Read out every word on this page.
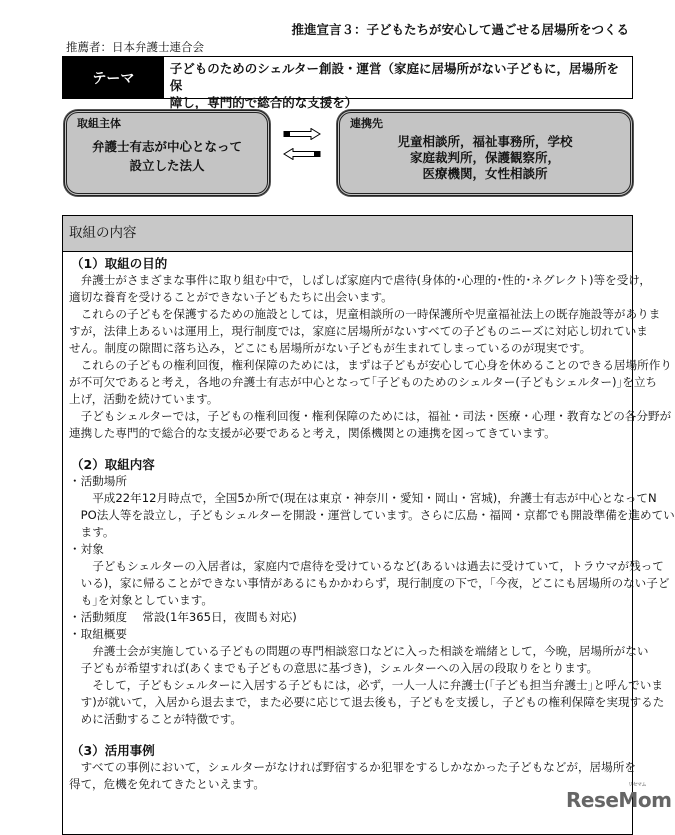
推進宣言３：子どもたちが安心して過ごせる居場所をつくる
推薦者：日本弁護士連合会
テーマ
子どものためのシェルター創設・運営（家庭に居場所がない子どもに，居場所を保
障し，専門的で総合的な支援を）
取組主体
弁護士有志が中心となって
設立した法人
連携先
児童相談所，福祉事務所，学校
家庭裁判所，保護観察所，
医療機関，女性相談所
取組の内容
（1）取組の目的
　弁護士がさまざまな事件に取り組む中で，しばしば家庭内で虐待(身体的･心理的･性的･ネグレクト)等を受け，
適切な養育を受けることができない子どもたちに出会います。
　これらの子どもを保護するための施設としては，児童相談所の一時保護所や児童福祉法上の既存施設等がありま
すが，法律上あるいは運用上，現行制度では，家庭に居場所がないすべての子どものニーズに対応し切れていま
せん。制度の隙間に落ち込み，どこにも居場所がない子どもが生まれてしまっているのが現実です。
　これらの子どもの権利回復，権利保障のためには，まずは子どもが安心して心身を休めることのできる居場所作り
が不可欠であると考え，各地の弁護士有志が中心となって｢子どものためのシェルター(子どもシェルター)｣を立ち
上げ，活動を続けています。
　子どもシェルターでは，子どもの権利回復・権利保障のためには，福祉・司法・医療・心理・教育などの各分野が
連携した専門的で総合的な支援が必要であると考え，関係機関との連携を図ってきています。
（2）取組内容
・活動場所
　　平成22年12月時点で，全国5か所で(現在は東京・神奈川・愛知・岡山・宮城)，弁護士有志が中心となってN
　PO法人等を設立し，子どもシェルターを開設・運営しています。さらに広島・福岡・京都でも開設準備を進めてい
　ます。
・対象
　　子どもシェルターの入居者は，家庭内で虐待を受けているなど(あるいは過去に受けていて，トラウマが残って
　いる)，家に帰ることができない事情があるにもかかわらず，現行制度の下で，｢今夜，どこにも居場所のない子ど
　も｣を対象としています。
・活動頻度　 常設(1年365日，夜間も対応)
・取組概要
　　弁護士会が実施している子どもの問題の専門相談窓口などに入った相談を端緒として，今晩，居場所がない
　子どもが希望すれば(あくまでも子どもの意思に基づき)，シェルターへの入居の段取りをとります。
　　そして，子どもシェルターに入居する子どもには，必ず，一人一人に弁護士(｢子ども担当弁護士｣と呼んでいま
　す)が就いて，入居から退去まで，また必要に応じて退去後も，子どもを支援し，子どもの権利保障を実現するた
　めに活動することが特徴です。
（3）活用事例
　すべての事例において，シェルターがなければ野宿するか犯罪をするしかなかった子どもなどが，居場所を
得て，危機を免れてきたといえます。
ReseMom
リセマム
